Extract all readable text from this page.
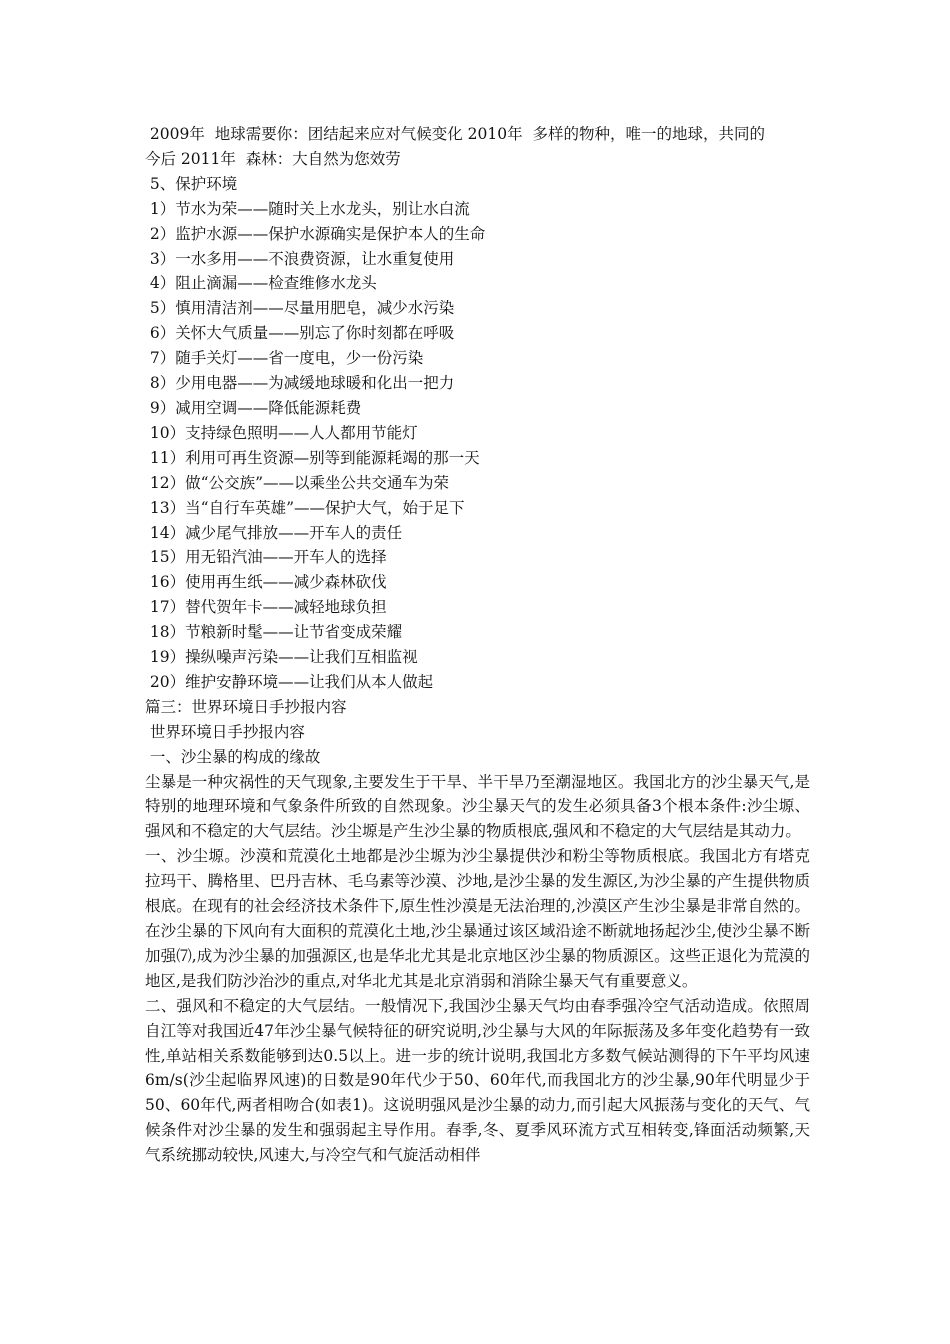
2009年  地球需要你：团结起来应对气候变化 2010年  多样的物种，唯一的地球，共同的
今后 2011年  森林：大自然为您效劳
5、保护环境
1）节水为荣——随时关上水龙头，别让水白流
2）监护水源——保护水源确实是保护本人的生命
3）一水多用——不浪费资源，让水重复使用
4）阻止滴漏——检查维修水龙头
5）慎用清洁剂——尽量用肥皂，减少水污染
6）关怀大气质量——别忘了你时刻都在呼吸
7）随手关灯——省一度电，少一份污染
8）少用电器——为减缓地球暖和化出一把力
9）减用空调——降低能源耗费
10）支持绿色照明——人人都用节能灯
11）利用可再生资源—别等到能源耗竭的那一天
12）做“公交族”——以乘坐公共交通车为荣
13）当“自行车英雄”——保护大气，始于足下
14）减少尾气排放——开车人的责任
15）用无铅汽油——开车人的选择
16）使用再生纸——减少森林砍伐
17）替代贺年卡——减轻地球负担
18）节粮新时髦——让节省变成荣耀
19）操纵噪声污染——让我们互相监视
20）维护安静环境——让我们从本人做起
篇三：世界环境日手抄报内容
世界环境日手抄报内容
一、沙尘暴的构成的缘故
尘暴是一种灾祸性的天气现象,主要发生于干旱、半干旱乃至潮湿地区。我国北方的沙尘暴天气,是特别的地理环境和气象条件所致的自然现象。沙尘暴天气的发生必须具备3个根本条件:沙尘塬、强风和不稳定的大气层结。沙尘塬是产生沙尘暴的物质根底,强风和不稳定的大气层结是其动力。
一、沙尘塬。沙漠和荒漠化土地都是沙尘塬为沙尘暴提供沙和粉尘等物质根底。我国北方有塔克拉玛干、腾格里、巴丹吉林、毛乌素等沙漠、沙地,是沙尘暴的发生源区,为沙尘暴的产生提供物质根底。在现有的社会经济技术条件下,原生性沙漠是无法治理的,沙漠区产生沙尘暴是非常自然的。在沙尘暴的下风向有大面积的荒漠化土地,沙尘暴通过该区域沿途不断就地扬起沙尘,使沙尘暴不断加强⑺,成为沙尘暴的加强源区,也是华北尤其是北京地区沙尘暴的物质源区。这些正退化为荒漠的地区,是我们防沙治沙的重点,对华北尤其是北京消弱和消除尘暴天气有重要意义。
二、强风和不稳定的大气层结。一般情况下,我国沙尘暴天气均由春季强冷空气活动造成。依照周自江等对我国近47年沙尘暴气候特征的研究说明,沙尘暴与大风的年际振荡及多年变化趋势有一致性,单站相关系数能够到达0.5以上。进一步的统计说明,我国北方多数气候站测得的下午平均风速6m/s(沙尘起临界风速)的日数是90年代少于50、60年代,而我国北方的沙尘暴,90年代明显少于50、60年代,两者相吻合(如表1)。这说明强风是沙尘暴的动力,而引起大风振荡与变化的天气、气候条件对沙尘暴的发生和强弱起主导作用。春季,冬、夏季风环流方式互相转变,锋面活动频繁,天气系统挪动较快,风速大,与冷空气和气旋活动相伴
